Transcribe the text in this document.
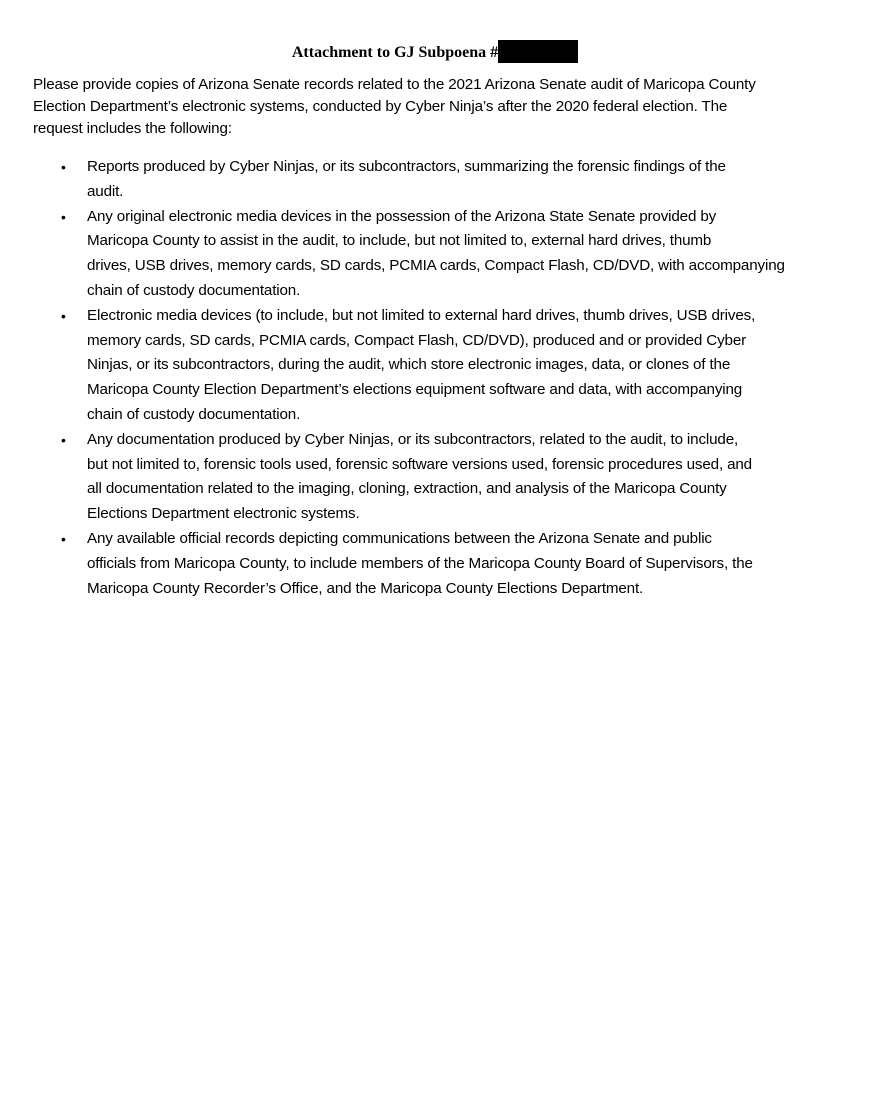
Attachment to GJ Subpoena #
Please provide copies of Arizona Senate records related to the 2021 Arizona Senate audit of Maricopa County
Election Department’s electronic systems, conducted by Cyber Ninja’s after the 2020 federal election. The
request includes the following:
• Reports produced by Cyber Ninjas, or its subcontractors, summarizing the forensic findings of the
audit.
• Any original electronic media devices in the possession of the Arizona State Senate provided by
Maricopa County to assist in the audit, to include, but not limited to, external hard drives, thumb
drives, USB drives, memory cards, SD cards, PCMIA cards, Compact Flash, CD/DVD, with accompanying
chain of custody documentation.
• Electronic media devices (to include, but not limited to external hard drives, thumb drives, USB drives,
memory cards, SD cards, PCMIA cards, Compact Flash, CD/DVD), produced and or provided Cyber
Ninjas, or its subcontractors, during the audit, which store electronic images, data, or clones of the
Maricopa County Election Department’s elections equipment software and data, with accompanying
chain of custody documentation.
• Any documentation produced by Cyber Ninjas, or its subcontractors, related to the audit, to include,
but not limited to, forensic tools used, forensic software versions used, forensic procedures used, and
all documentation related to the imaging, cloning, extraction, and analysis of the Maricopa County
Elections Department electronic systems.
• Any available official records depicting communications between the Arizona Senate and public
officials from Maricopa County, to include members of the Maricopa County Board of Supervisors, the
Maricopa County Recorder’s Office, and the Maricopa County Elections Department.
